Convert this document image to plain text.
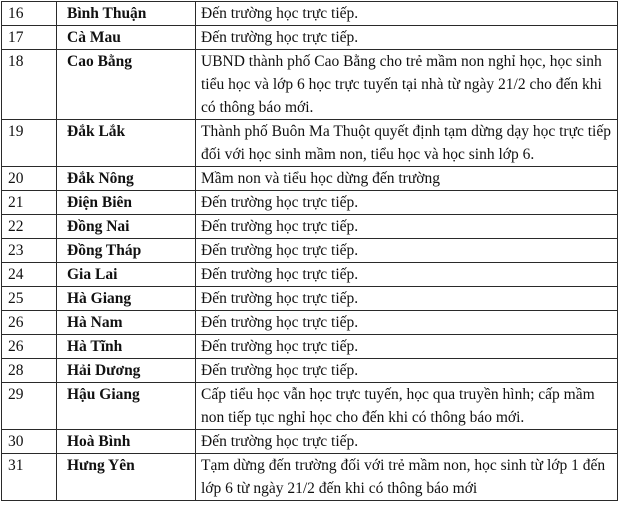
16	Bình Thuận	Đến trường học trực tiếp.
17	Cà Mau	Đến trường học trực tiếp.
18	Cao Bằng	UBND thành phố Cao Bằng cho trẻ mầm non nghỉ học, học sinh tiểu học và lớp 6 học trực tuyến tại nhà từ ngày 21/2 cho đến khi có thông báo mới.
19	Đắk Lắk	Thành phố Buôn Ma Thuột quyết định tạm dừng dạy học trực tiếp đối với học sinh mầm non, tiểu học và học sinh lớp 6.
20	Đắk Nông	Mầm non và tiểu học dừng đến trường
21	Điện Biên	Đến trường học trực tiếp.
22	Đồng Nai	Đến trường học trực tiếp.
23	Đồng Tháp	Đến trường học trực tiếp.
24	Gia Lai	Đến trường học trực tiếp.
25	Hà Giang	Đến trường học trực tiếp.
26	Hà Nam	Đến trường học trực tiếp.
26	Hà Tĩnh	Đến trường học trực tiếp.
28	Hải Dương	Đến trường học trực tiếp.
29	Hậu Giang	Cấp tiểu học vẫn học trực tuyến, học qua truyền hình; cấp mầm non tiếp tục nghỉ học cho đến khi có thông báo mới.
30	Hoà Bình	Đến trường học trực tiếp.
31	Hưng Yên	Tạm dừng đến trường đối với trẻ mầm non, học sinh từ lớp 1 đến lớp 6 từ ngày 21/2 đến khi có thông báo mới
